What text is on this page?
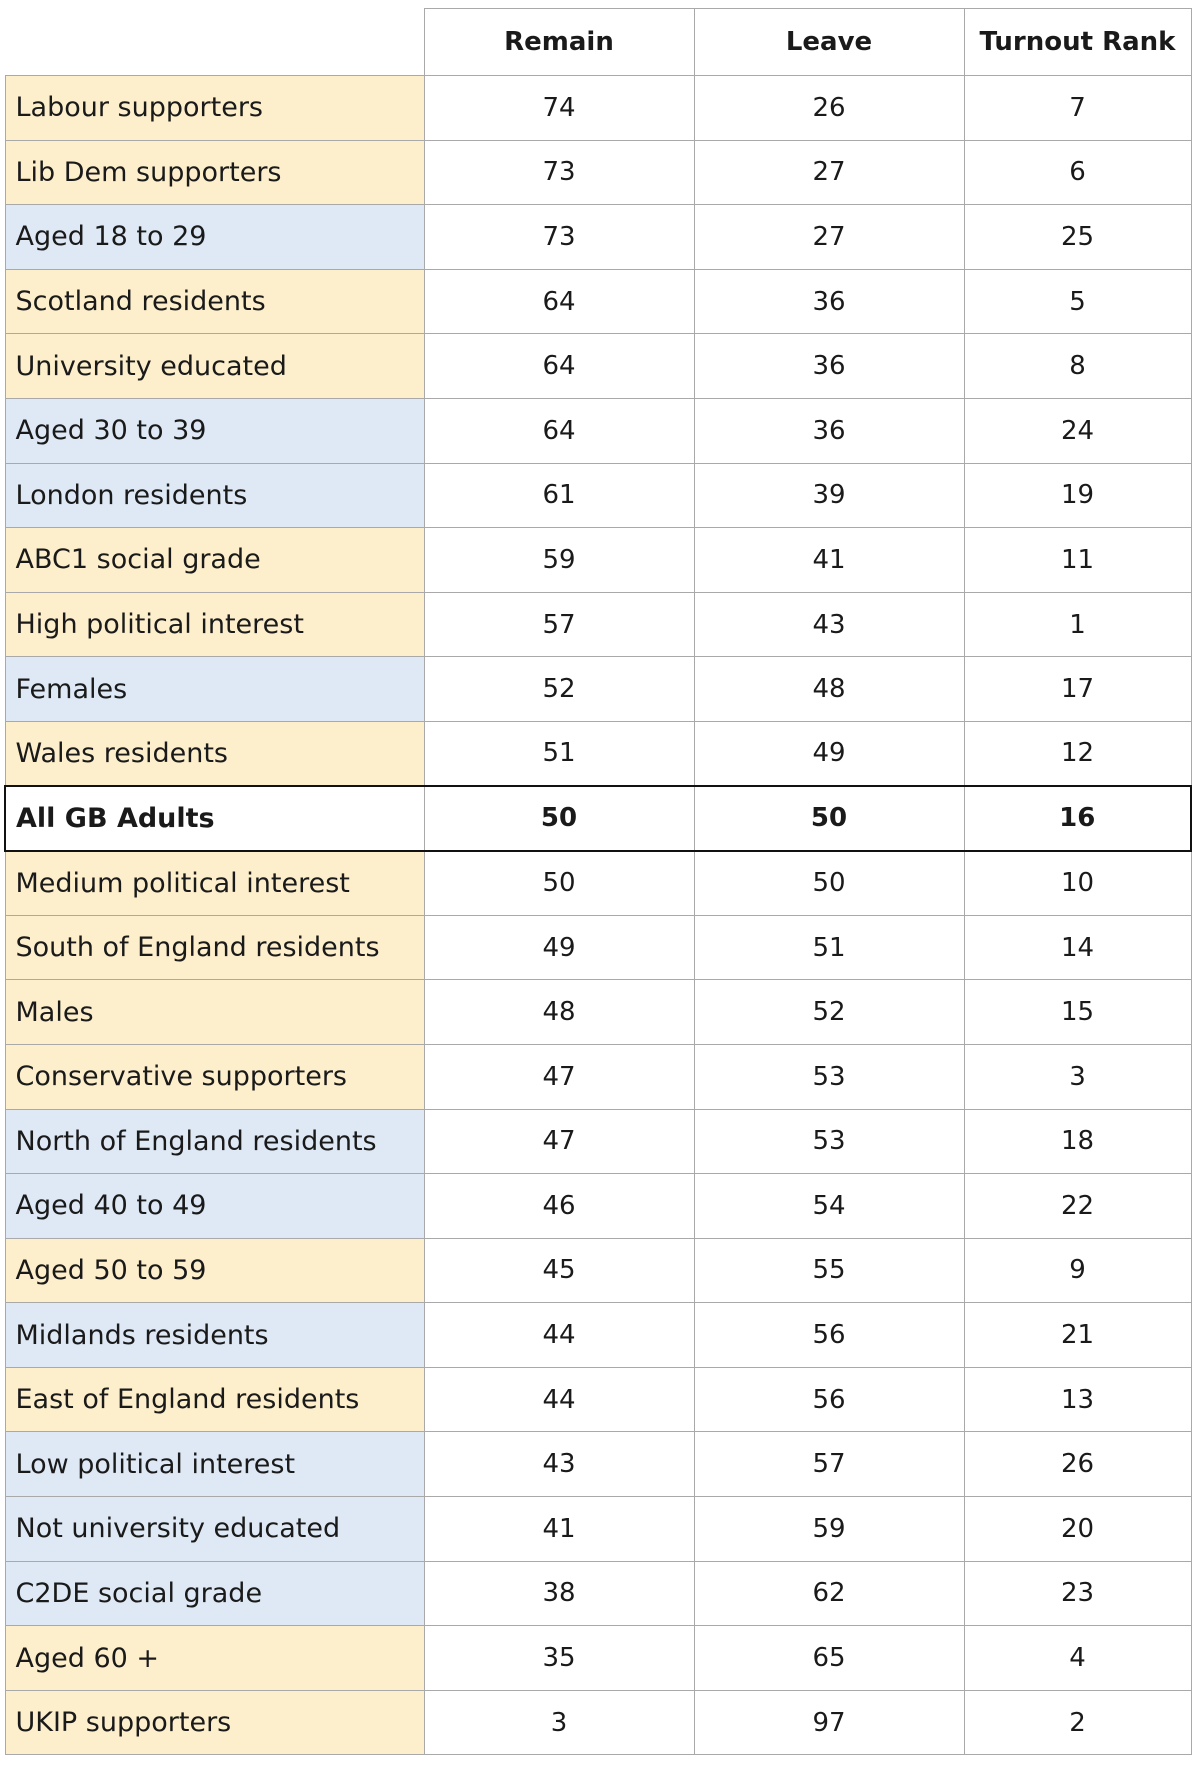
	Remain	Leave	Turnout Rank
Labour supporters	74	26	7
Lib Dem supporters	73	27	6
Aged 18 to 29	73	27	25
Scotland residents	64	36	5
University educated	64	36	8
Aged 30 to 39	64	36	24
London residents	61	39	19
ABC1 social grade	59	41	11
High political interest	57	43	1
Females	52	48	17
Wales residents	51	49	12
All GB Adults	50	50	16
Medium political interest	50	50	10
South of England residents	49	51	14
Males	48	52	15
Conservative supporters	47	53	3
North of England residents	47	53	18
Aged 40 to 49	46	54	22
Aged 50 to 59	45	55	9
Midlands residents	44	56	21
East of England residents	44	56	13
Low political interest	43	57	26
Not university educated	41	59	20
C2DE social grade	38	62	23
Aged 60 +	35	65	4
UKIP supporters	3	97	2
